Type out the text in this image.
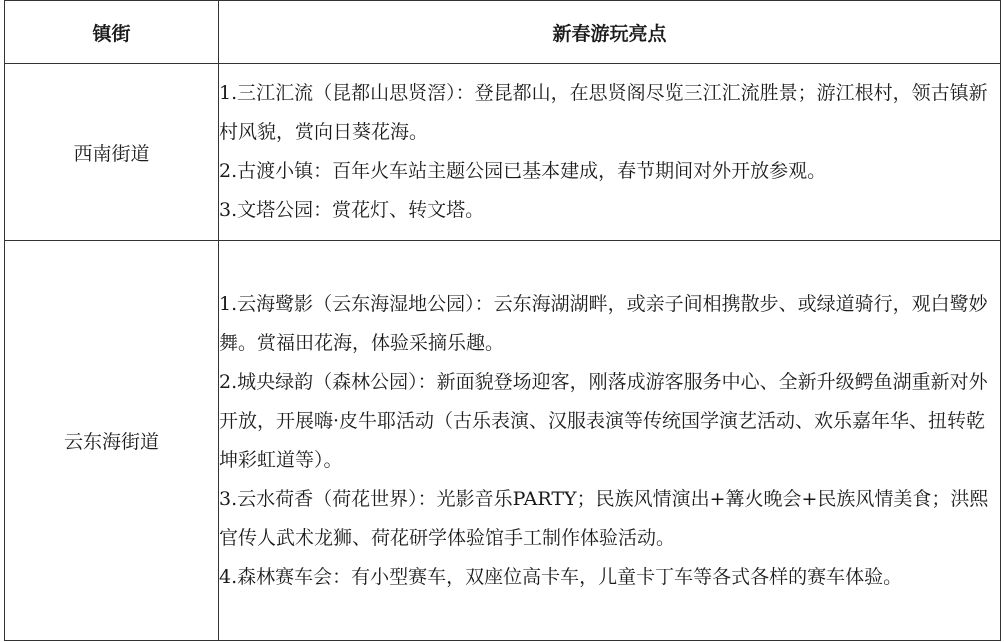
镇街	新春游玩亮点
西南街道	1.三江汇流（昆都山思贤滘）：登昆都山，在思贤阁尽览三江汇流胜景；游江根村，领古镇新村风貌，赏向日葵花海。

2.古渡小镇：百年火车站主题公园已基本建成，春节期间对外开放参观。

3.文塔公园：赏花灯、转文塔。

云东海街道	1.云海鹭影（云东海湿地公园）：云东海湖湖畔，或亲子间相携散步、或绿道骑行，观白鹭妙舞。赏福田花海，体验采摘乐趣。

2.城央绿韵（森林公园）：新面貌登场迎客，刚落成游客服务中心、全新升级鳄鱼湖重新对外开放，开展嗨·皮牛耶活动（古乐表演、汉服表演等传统国学演艺活动、欢乐嘉年华、扭转乾坤彩虹道等）。

3.云水荷香（荷花世界）：光影音乐PARTY；民族风情演出+篝火晚会+民族风情美食；洪熙官传人武术龙狮、荷花研学体验馆手工制作体验活动。

4.森林赛车会：有小型赛车，双座位高卡车，儿童卡丁车等各式各样的赛车体验。
